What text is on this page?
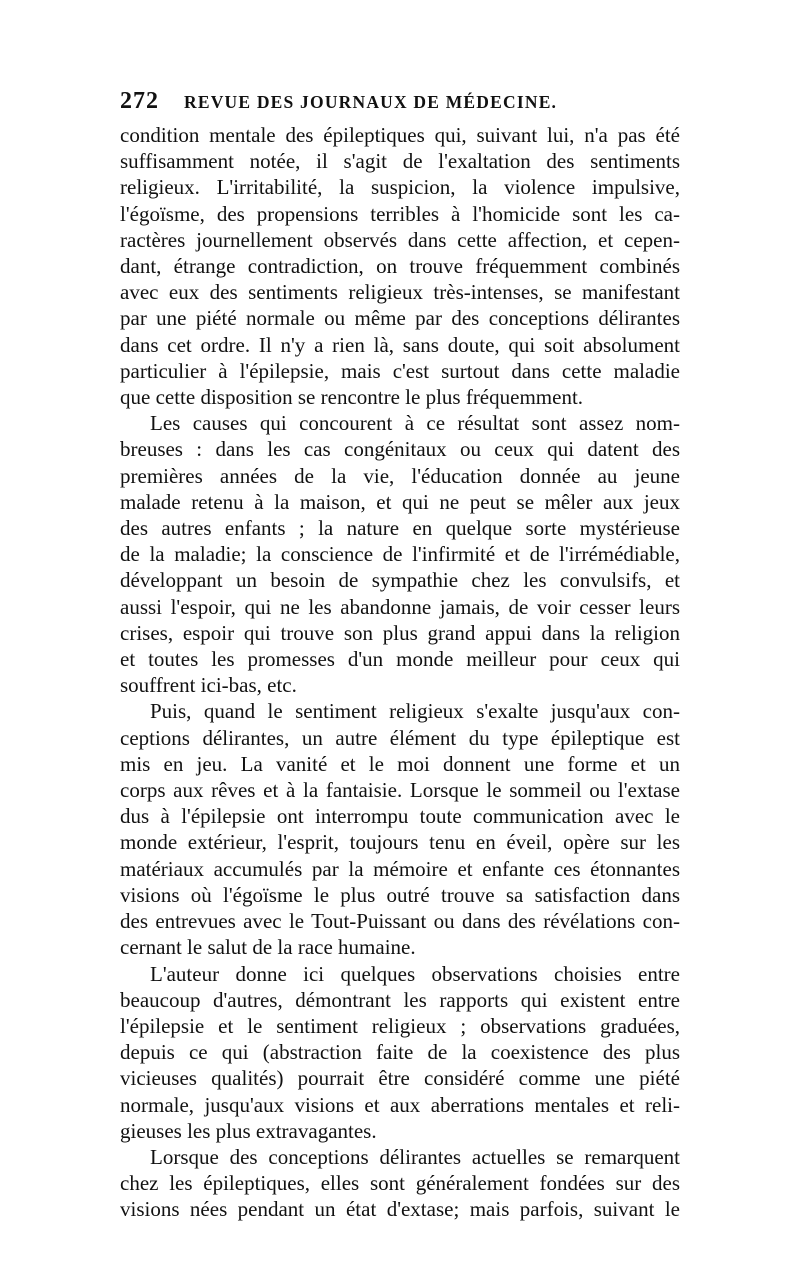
272	REVUE DES JOURNAUX DE MÉDECINE.
condition mentale des épileptiques qui, suivant lui, n'a pas été
suffisamment notée, il s'agit de l'exaltation des sentiments
religieux. L'irritabilité, la suspicion, la violence impulsive,
l'égoïsme, des propensions terribles à l'homicide sont les ca-
ractères journellement observés dans cette affection, et cepen-
dant, étrange contradiction, on trouve fréquemment combinés
avec eux des sentiments religieux très-intenses, se manifestant
par une piété normale ou même par des conceptions délirantes
dans cet ordre. Il n'y a rien là, sans doute, qui soit absolument
particulier à l'épilepsie, mais c'est surtout dans cette maladie
que cette disposition se rencontre le plus fréquemment.
Les causes qui concourent à ce résultat sont assez nom-
breuses : dans les cas congénitaux ou ceux qui datent des
premières années de la vie, l'éducation donnée au jeune
malade retenu à la maison, et qui ne peut se mêler aux jeux
des autres enfants ; la nature en quelque sorte mystérieuse
de la maladie; la conscience de l'infirmité et de l'irrémédiable,
développant un besoin de sympathie chez les convulsifs, et
aussi l'espoir, qui ne les abandonne jamais, de voir cesser leurs
crises, espoir qui trouve son plus grand appui dans la religion
et toutes les promesses d'un monde meilleur pour ceux qui
souffrent ici-bas, etc.
Puis, quand le sentiment religieux s'exalte jusqu'aux con-
ceptions délirantes, un autre élément du type épileptique est
mis en jeu. La vanité et le moi donnent une forme et un
corps aux rêves et à la fantaisie. Lorsque le sommeil ou l'extase
dus à l'épilepsie ont interrompu toute communication avec le
monde extérieur, l'esprit, toujours tenu en éveil, opère sur les
matériaux accumulés par la mémoire et enfante ces étonnantes
visions où l'égoïsme le plus outré trouve sa satisfaction dans
des entrevues avec le Tout-Puissant ou dans des révélations con-
cernant le salut de la race humaine.
L'auteur donne ici quelques observations choisies entre
beaucoup d'autres, démontrant les rapports qui existent entre
l'épilepsie et le sentiment religieux ; observations graduées,
depuis ce qui (abstraction faite de la coexistence des plus
vicieuses qualités) pourrait être considéré comme une piété
normale, jusqu'aux visions et aux aberrations mentales et reli-
gieuses les plus extravagantes.
Lorsque des conceptions délirantes actuelles se remarquent
chez les épileptiques, elles sont généralement fondées sur des
visions nées pendant un état d'extase; mais parfois, suivant le
